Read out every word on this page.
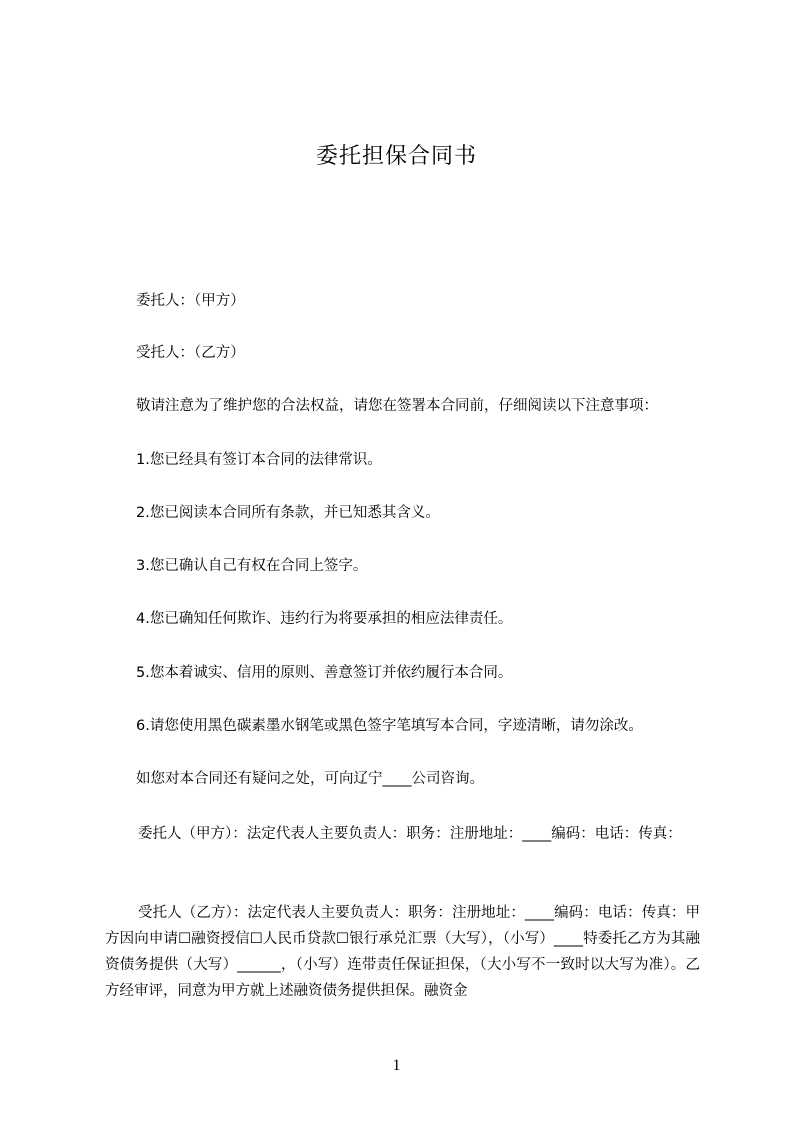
委托担保合同书
委托人：（甲方）
受托人：（乙方）
敬请注意为了维护您的合法权益，请您在签署本合同前，仔细阅读以下注意事项：
1.您已经具有签订本合同的法律常识。
2.您已阅读本合同所有条款，并已知悉其含义。
3.您已确认自己有权在合同上签字。
4.您已确知任何欺诈、违约行为将要承担的相应法律责任。
5.您本着诚实、信用的原则、善意签订并依约履行本合同。
6.请您使用黑色碳素墨水钢笔或黑色签字笔填写本合同，字迹清晰，请勿涂改。
如您对本合同还有疑问之处，可向辽宁____公司咨询。
委托人（甲方）：法定代表人主要负责人：职务：注册地址：____编码：电话：传真：
受托人（乙方）：法定代表人主要负责人：职务：注册地址：____编码：电话：传真：甲方因向申请☐融资授信☐人民币贷款☐银行承兑汇票（大写），（小写）____特委托乙方为其融资债务提供（大写）______，（小写）连带责任保证担保，（大小写不一致时以大写为准）。乙方经审评，同意为甲方就上述融资债务提供担保。融资金
1
